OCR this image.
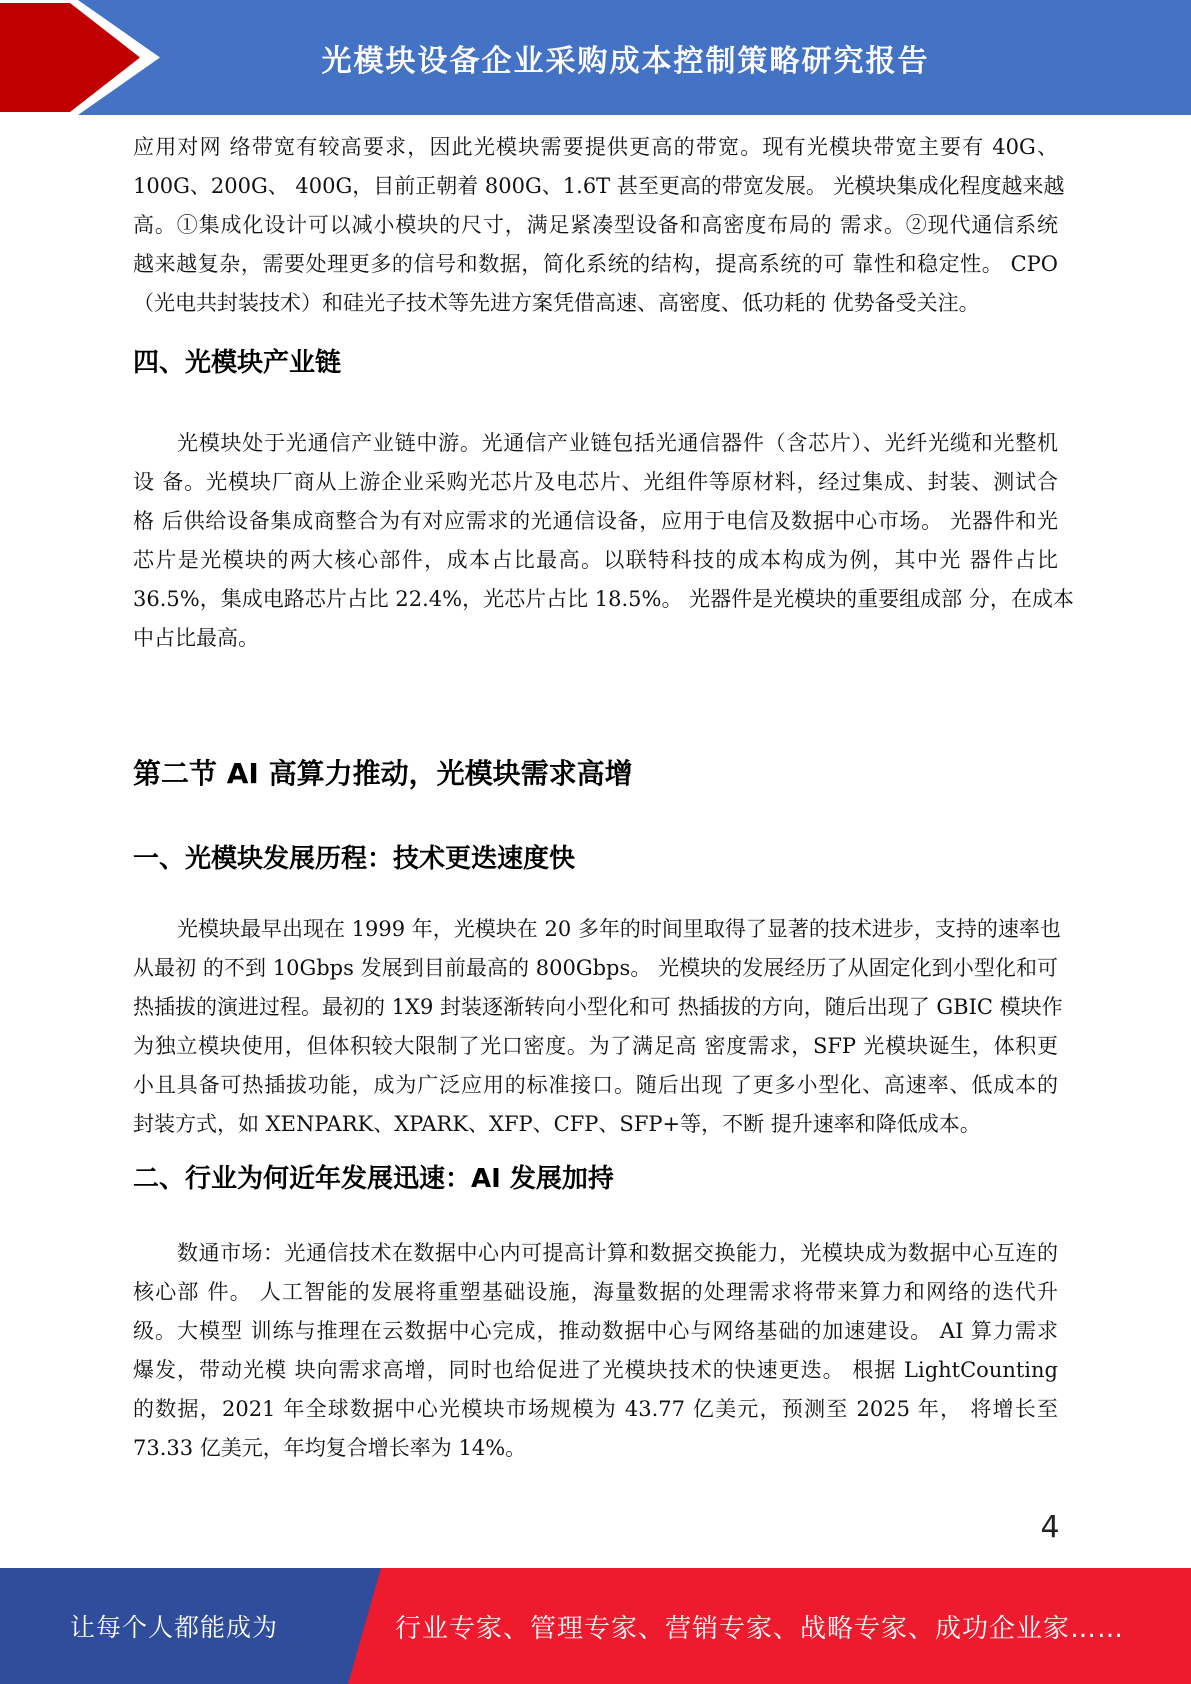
光模块设备企业采购成本控制策略研究报告
应用对网 络带宽有较高要求，因此光模块需要提供更高的带宽。现有光模块带宽主要有 40G、
100G、200G、 400G，目前正朝着 800G、1.6T 甚至更高的带宽发展。 光模块集成化程度越来越
高。①集成化设计可以减小模块的尺寸，满足紧凑型设备和高密度布局的 需求。②现代通信系统
越来越复杂，需要处理更多的信号和数据，简化系统的结构，提高系统的可 靠性和稳定性。 CPO
（光电共封装技术）和硅光子技术等先进方案凭借高速、高密度、低功耗的 优势备受关注。
四、光模块产业链
光模块处于光通信产业链中游。光通信产业链包括光通信器件（含芯片）、光纤光缆和光整机
设 备。光模块厂商从上游企业采购光芯片及电芯片、光组件等原材料，经过集成、封装、测试合
格 后供给设备集成商整合为有对应需求的光通信设备，应用于电信及数据中心市场。 光器件和光
芯片是光模块的两大核心部件，成本占比最高。以联特科技的成本构成为例，其中光 器件占比
36.5%，集成电路芯片占比 22.4%，光芯片占比 18.5%。 光器件是光模块的重要组成部 分，在成本
中占比最高。
第二节 AI 高算力推动，光模块需求高增
一、光模块发展历程：技术更迭速度快
光模块最早出现在 1999 年，光模块在 20 多年的时间里取得了显著的技术进步，支持的速率也
从最初 的不到 10Gbps 发展到目前最高的 800Gbps。 光模块的发展经历了从固定化到小型化和可
热插拔的演进过程。最初的 1X9 封装逐渐转向小型化和可 热插拔的方向，随后出现了 GBIC 模块作
为独立模块使用，但体积较大限制了光口密度。为了满足高 密度需求，SFP 光模块诞生，体积更
小且具备可热插拔功能，成为广泛应用的标准接口。随后出现 了更多小型化、高速率、低成本的
封装方式，如 XENPARK、XPARK、XFP、CFP、SFP+等，不断 提升速率和降低成本。
二、行业为何近年发展迅速：AI 发展加持
数通市场：光通信技术在数据中心内可提高计算和数据交换能力，光模块成为数据中心互连的
核心部 件。 人工智能的发展将重塑基础设施，海量数据的处理需求将带来算力和网络的迭代升
级。大模型 训练与推理在云数据中心完成，推动数据中心与网络基础的加速建设。 AI 算力需求
爆发，带动光模 块向需求高增，同时也给促进了光模块技术的快速更迭。 根据 LightCounting
的数据，2021 年全球数据中心光模块市场规模为 43.77 亿美元，预测至 2025 年， 将增长至
73.33 亿美元，年均复合增长率为 14%。
4
让每个人都能成为	行业专家、管理专家、营销专家、战略专家、成功企业家……
